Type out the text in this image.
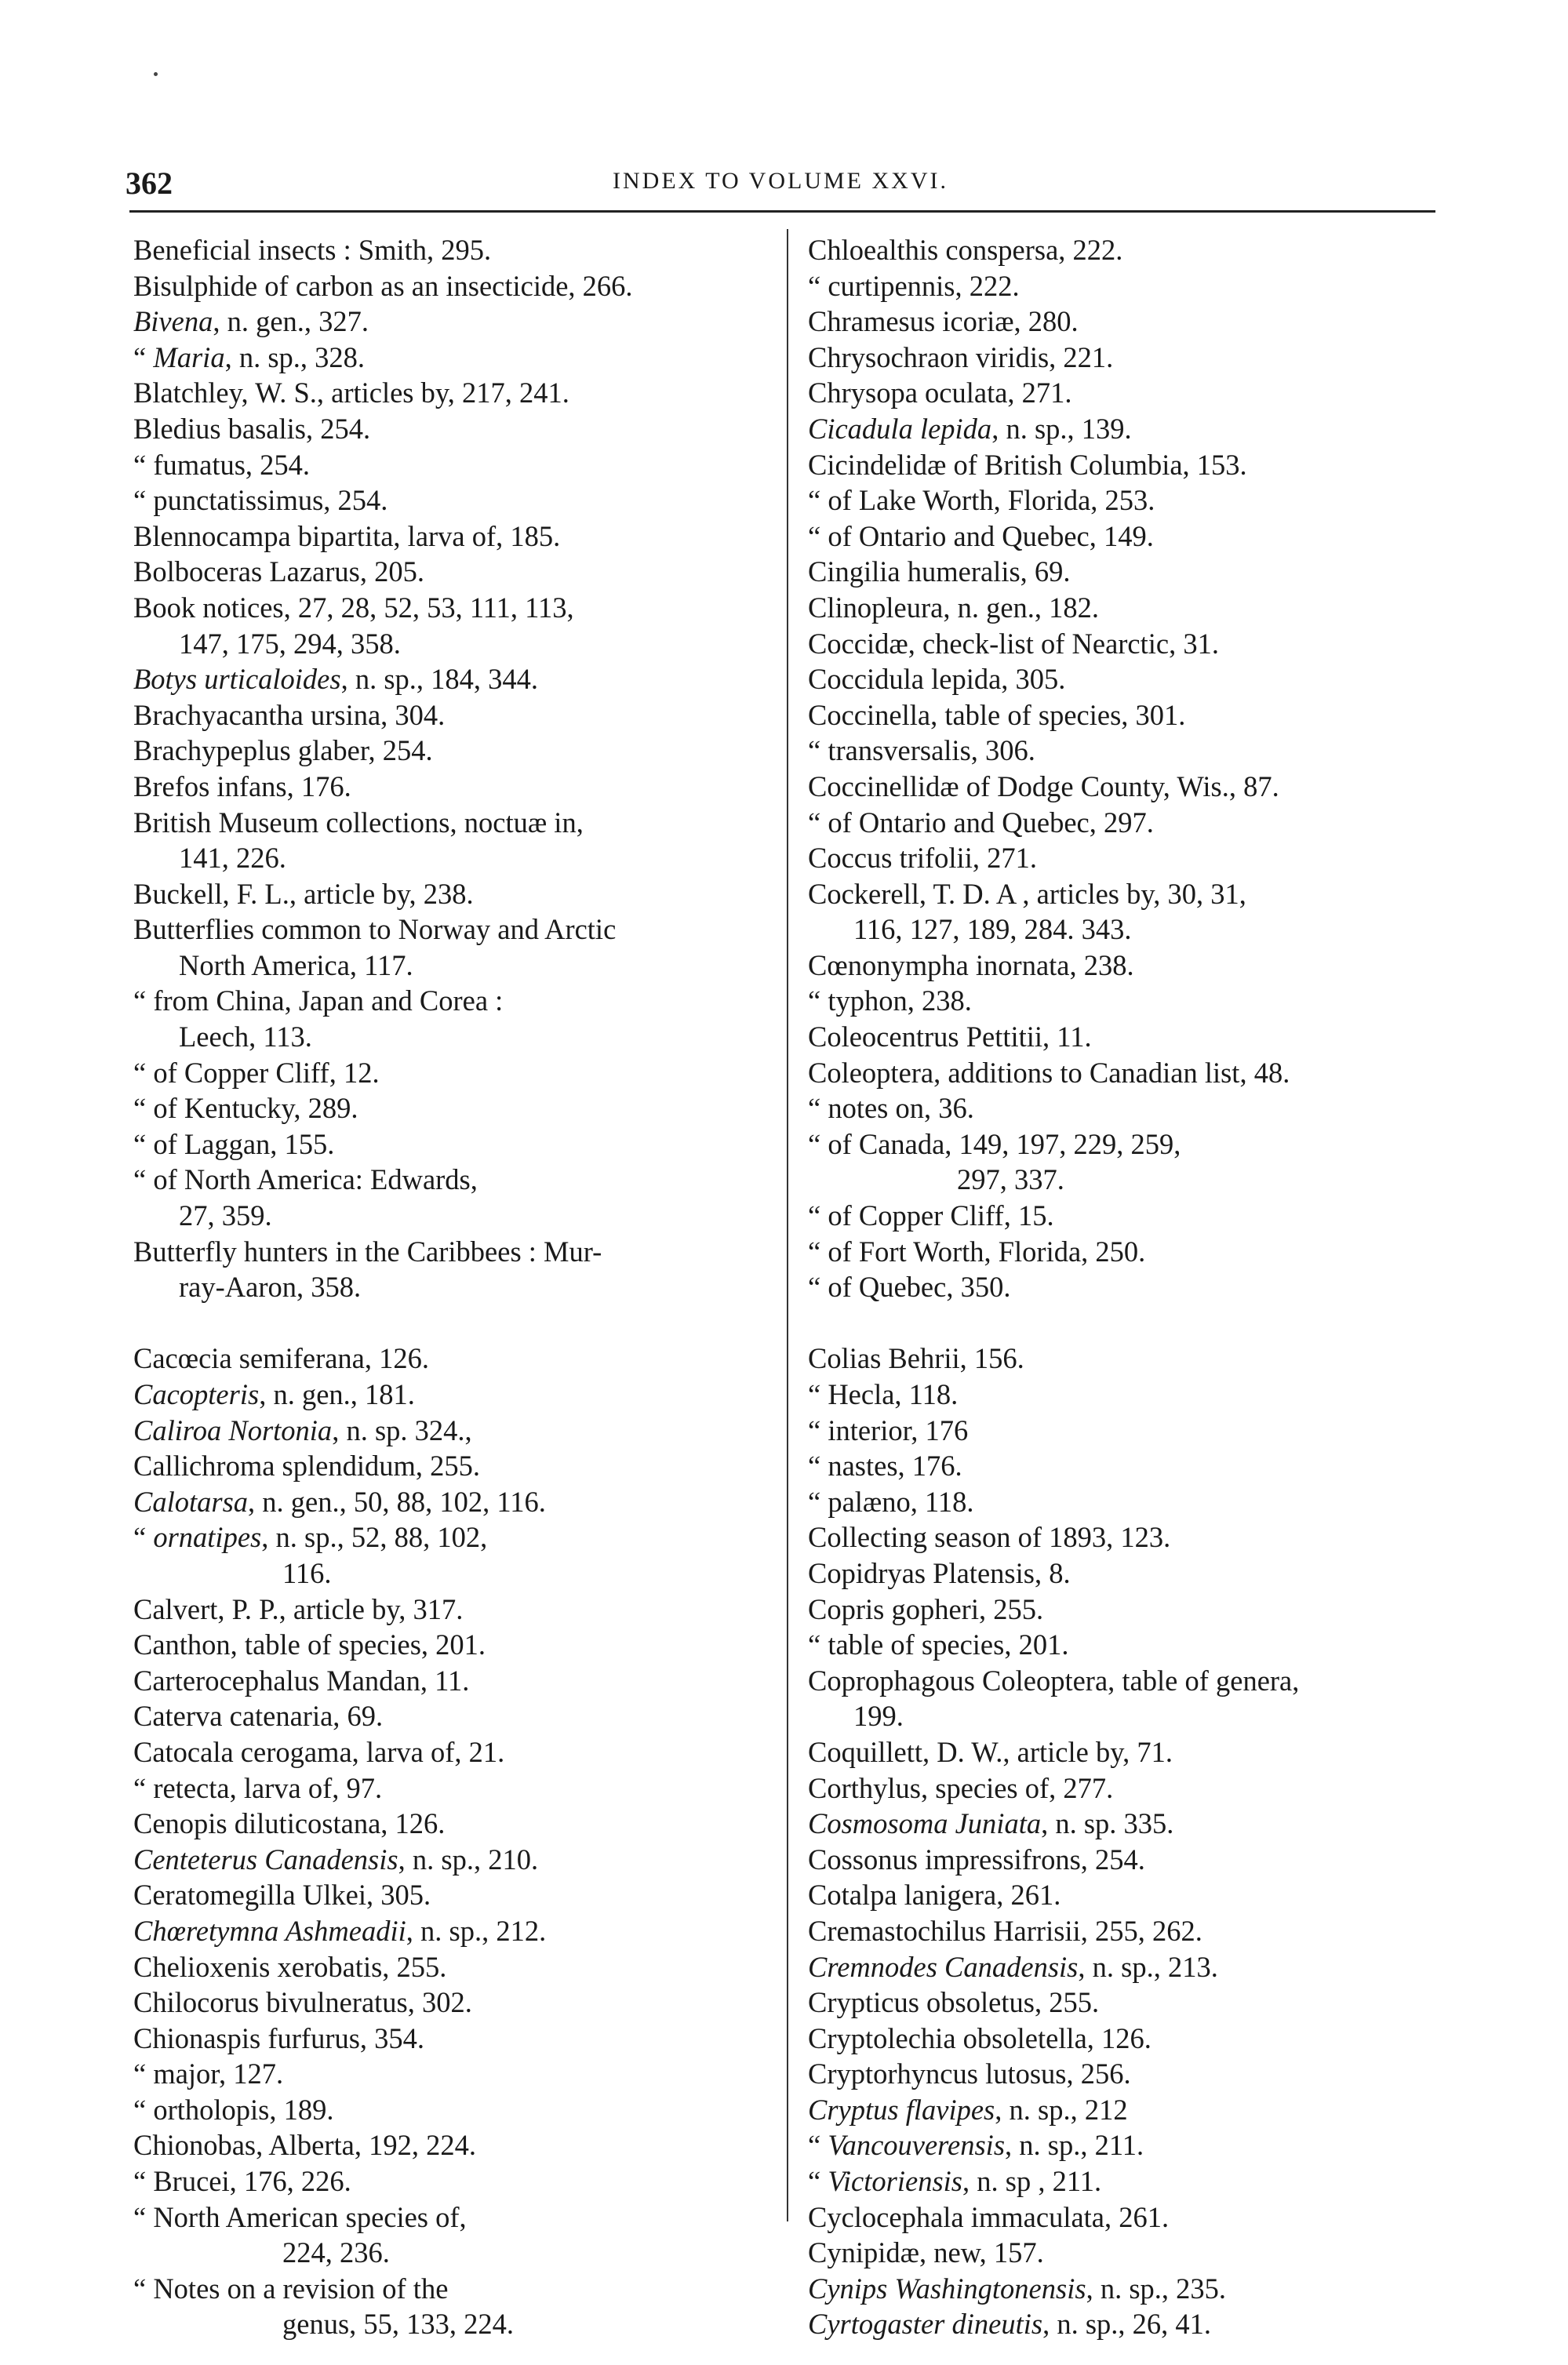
362	INDEX TO VOLUME XXVI.
Beneficial insects : Smith, 295.
Bisulphide of carbon as an insecticide, 266.
Bivena, n. gen., 327.
“ Maria, n. sp., 328.
Blatchley, W. S., articles by, 217, 241.
Bledius basalis, 254.
“ fumatus, 254.
“ punctatissimus, 254.
Blennocampa bipartita, larva of, 185.
Bolboceras Lazarus, 205.
Book notices, 27, 28, 52, 53, 111, 113,
147, 175, 294, 358.
Botys urticaloides, n. sp., 184, 344.
Brachyacantha ursina, 304.
Brachypeplus glaber, 254.
Brefos infans, 176.
British Museum collections, noctuæ in,
141, 226.
Buckell, F. L., article by, 238.
Butterflies common to Norway and Arctic
North America, 117.
“ from China, Japan and Corea :
Leech, 113.
“ of Copper Cliff, 12.
“ of Kentucky, 289.
“ of Laggan, 155.
“ of North America: Edwards,
27, 359.
Butterfly hunters in the Caribbees : Mur-
ray-Aaron, 358.
Cacœcia semiferana, 126.
Cacopteris, n. gen., 181.
Caliroa Nortonia, n. sp. 324.,
Callichroma splendidum, 255.
Calotarsa, n. gen., 50, 88, 102, 116.
“ ornatipes, n. sp., 52, 88, 102,
116.
Calvert, P. P., article by, 317.
Canthon, table of species, 201.
Carterocephalus Mandan, 11.
Caterva catenaria, 69.
Catocala cerogama, larva of, 21.
“ retecta, larva of, 97.
Cenopis diluticostana, 126.
Centeterus Canadensis, n. sp., 210.
Ceratomegilla Ulkei, 305.
Chœretymna Ashmeadii, n. sp., 212.
Chelioxenis xerobatis, 255.
Chilocorus bivulneratus, 302.
Chionaspis furfurus, 354.
“ major, 127.
“ ortholopis, 189.
Chionobas, Alberta, 192, 224.
“ Brucei, 176, 226.
“ North American species of,
224, 236.
“ Notes on a revision of the
genus, 55, 133, 224.
Chloealthis conspersa, 222.
“ curtipennis, 222.
Chramesus icoriæ, 280.
Chrysochraon viridis, 221.
Chrysopa oculata, 271.
Cicadula lepida, n. sp., 139.
Cicindelidæ of British Columbia, 153.
“ of Lake Worth, Florida, 253.
“ of Ontario and Quebec, 149.
Cingilia humeralis, 69.
Clinopleura, n. gen., 182.
Coccidæ, check-list of Nearctic, 31.
Coccidula lepida, 305.
Coccinella, table of species, 301.
“ transversalis, 306.
Coccinellidæ of Dodge County, Wis., 87.
“ of Ontario and Quebec, 297.
Coccus trifolii, 271.
Cockerell, T. D. A , articles by, 30, 31,
116, 127, 189, 284. 343.
Cœnonympha inornata, 238.
“ typhon, 238.
Coleocentrus Pettitii, 11.
Coleoptera, additions to Canadian list, 48.
“ notes on, 36.
“ of Canada, 149, 197, 229, 259,
297, 337.
“ of Copper Cliff, 15.
“ of Fort Worth, Florida, 250.
“ of Quebec, 350.
Colias Behrii, 156.
“ Hecla, 118.
“ interior, 176
“ nastes, 176.
“ palæno, 118.
Collecting season of 1893, 123.
Copidryas Platensis, 8.
Copris gopheri, 255.
“ table of species, 201.
Coprophagous Coleoptera, table of genera,
199.
Coquillett, D. W., article by, 71.
Corthylus, species of, 277.
Cosmosoma Juniata, n. sp. 335.
Cossonus impressifrons, 254.
Cotalpa lanigera, 261.
Cremastochilus Harrisii, 255, 262.
Cremnodes Canadensis, n. sp., 213.
Crypticus obsoletus, 255.
Cryptolechia obsoletella, 126.
Cryptorhyncus lutosus, 256.
Cryptus flavipes, n. sp., 212
“ Vancouverensis, n. sp., 211.
“ Victoriensis, n. sp , 211.
Cyclocephala immaculata, 261.
Cynipidæ, new, 157.
Cynips Washingtonensis, n. sp., 235.
Cyrtogaster dineutis, n. sp., 26, 41.
